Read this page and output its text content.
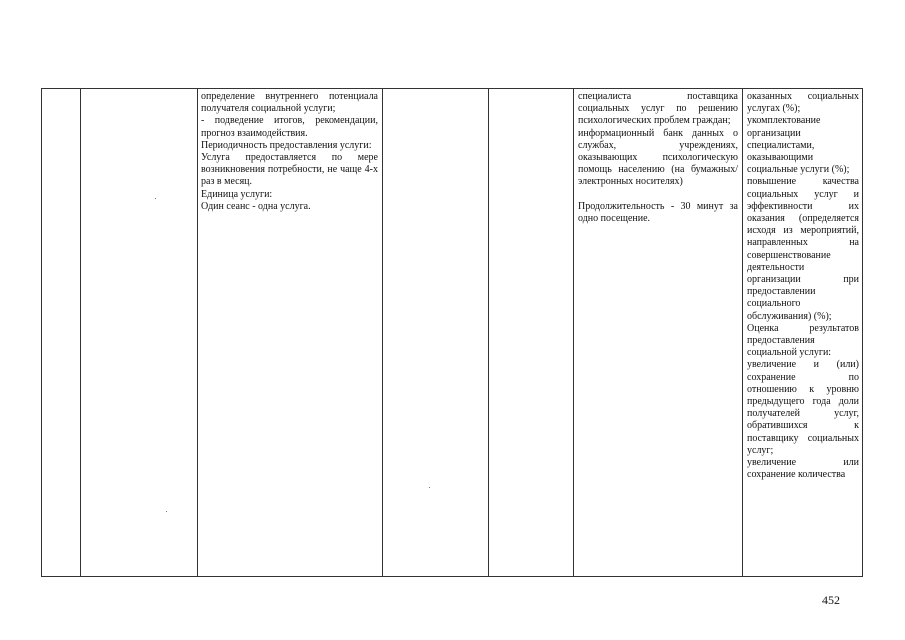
определение внутреннего потенциала получателя социальной услуги;

- подведение итогов, рекомендации, прогноз взаимодействия.

Периодичность предоставления услуги:

Услуга предоставляется по мере возникновения потребности, не чаще 4-х раз в месяц.

Единица услуги:

Один сеанс - одна услуга.

специалиста поставщика социальных услуг по решению психологических проблем граждан;

информационный банк данных о службах, учреждениях, оказывающих психологическую помощь населению (на бумажных/ электронных носителях)

Продолжительность - 30 минут за одно посещение.

оказанных социальных услугах (%);

укомплектование организации специалистами, оказывающими социальные услуги (%);

повышение качества социальных услуг и эффективности их оказания (определяется исходя из мероприятий, направленных на совершенствование деятельности организации при предоставлении социального обслуживания) (%);

Оценка результатов предоставления социальной услуги:

увеличение и (или) сохранение по отношению к уровню предыдущего года доли получателей услуг, обратившихся к поставщику социальных услуг;

увеличение или сохранение количества

452
